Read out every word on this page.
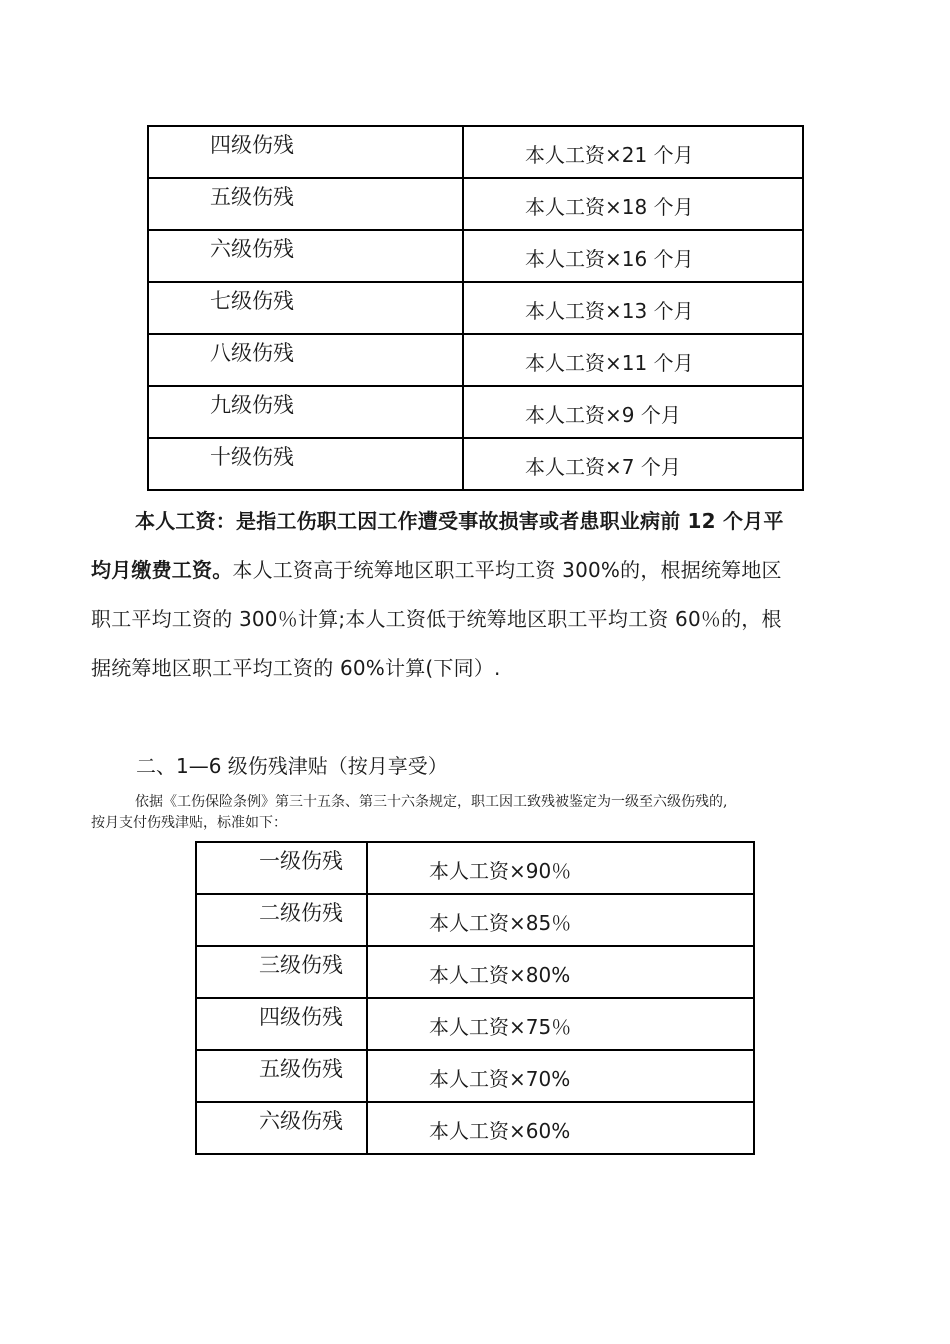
四级伤残	本人工资×21 个月

五级伤残	本人工资×18 个月

六级伤残	本人工资×16 个月

七级伤残	本人工资×13 个月

八级伤残	本人工资×11 个月

九级伤残	本人工资×9 个月

十级伤残	本人工资×7 个月
本人工资：是指工伤职工因工作遭受事故损害或者患职业病前 12 个月平
均月缴费工资。本人工资高于统筹地区职工平均工资 300%的，根据统筹地区
职工平均工资的 300％计算;本人工资低于统筹地区职工平均工资 60％的，根
据统筹地区职工平均工资的 60%计算(下同）.
二、1—6 级伤残津贴（按月享受）
依据《工伤保险条例》第三十五条、第三十六条规定，职工因工致残被鉴定为一级至六级伤残的,
按月支付伤残津贴，标准如下：
一级伤残	本人工资×90％

二级伤残	本人工资×85％

三级伤残	本人工资×80%

四级伤残	本人工资×75％

五级伤残	本人工资×70%

六级伤残	本人工资×60%
